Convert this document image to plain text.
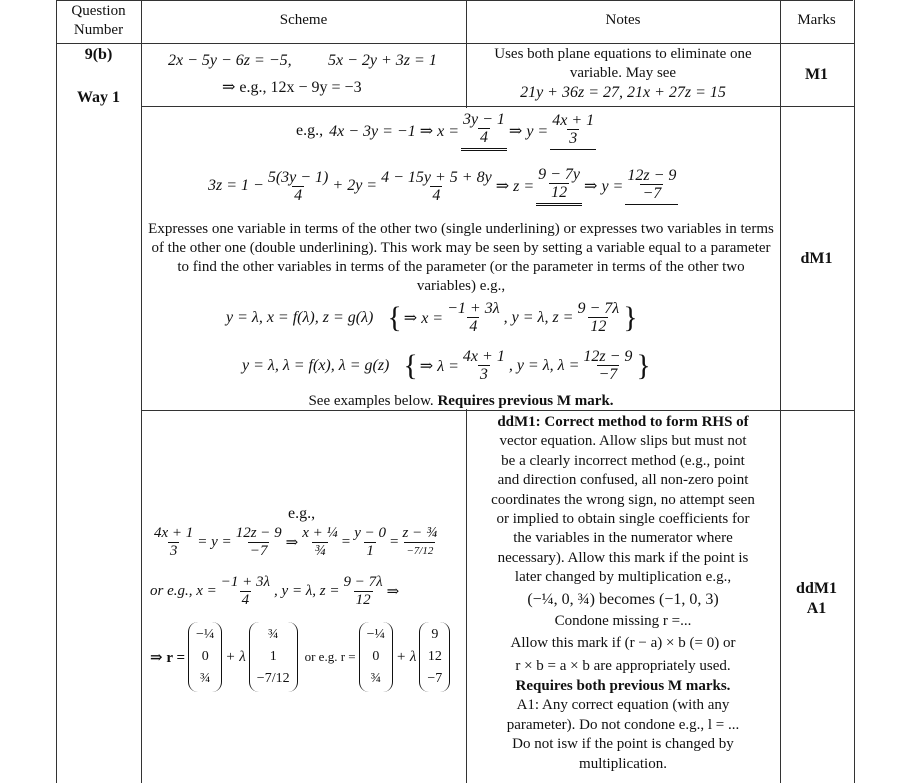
Question Number
Scheme	Notes	Marks
9(b)
Way 1
2x − 5y − 6z = −5, 5x − 2y + 3z = 1
⇒ e.g., 12x − 9y = −3
Uses both plane equations to eliminate one variable. May see
21y + 36z = 27, 21x + 27z = 15
M1
e.g., 4x − 3y = −1 ⇒ $x = \frac{3y - 1}{4}$ ⇒ $y = \frac{4x + 1}{3}$
$3z = 1 - \frac{5(3y - 1)}{4} + 2y = \frac{4 - 15y + 5 + 8y}{4}$ ⇒ $z = \frac{9 - 7y}{12}$ ⇒ $y = \frac{12z - 9}{-7}$
Expresses one variable in terms of the other two (single underlining) or expresses two variables in terms of the other one (double underlining). This work may be seen by setting a variable equal to a parameter to find the other variables in terms of the parameter (or the parameter in terms of the other two variables) e.g.,
y = λ, x = f(λ), z = g(λ) { ⇒ $x = \frac{-1 + 3\lambda}{4}$ , y = λ, $z = \frac{9 - 7\lambda}{12}$ }
y = λ, λ = f(x), λ = g(z) { ⇒ $\lambda = \frac{4x + 1}{3}$ , y = λ, $\lambda = \frac{12z - 9}{-7}$ }
See examples below. Requires previous M mark.
dM1
e.g.,
$\frac{4x + 1}{3} = y = \frac{12z - 9}{-7}$ ⇒ $\frac{\text{x + ¼}}{\text{¾}} = \frac{y - 0}{1} = \frac{\text{z − ¾}}{-7/12}$
or e.g., $x = \frac{-1 + 3\lambda}{4}$ , y = λ, $z = \frac{9 - 7\lambda}{12}$ ⇒
⇒ r =
−¼
0
¾
+ λ
¾
1
−7/12
or e.g. r =
−¼
0
¾
+ λ
9
12
−7
ddM1: Correct method to form RHS of
vector equation. Allow slips but must not
be a clearly incorrect method (e.g., point
and direction confused, all non-zero point
coordinates the wrong sign, no attempt seen
or implied to obtain single coefficients for
the variables in the numerator where
necessary). Allow this mark if the point is
later changed by multiplication e.g.,
(−¼, 0, ¾) becomes (−1, 0, 3)
Condone missing r =...
Allow this mark if (r − a) × b (= 0) or
r × b = a × b are appropriately used.
Requires both previous M marks.
A1: Any correct equation (with any
parameter). Do not condone e.g., l = ...
Do not isw if the point is changed by
multiplication.
ddM1
A1
